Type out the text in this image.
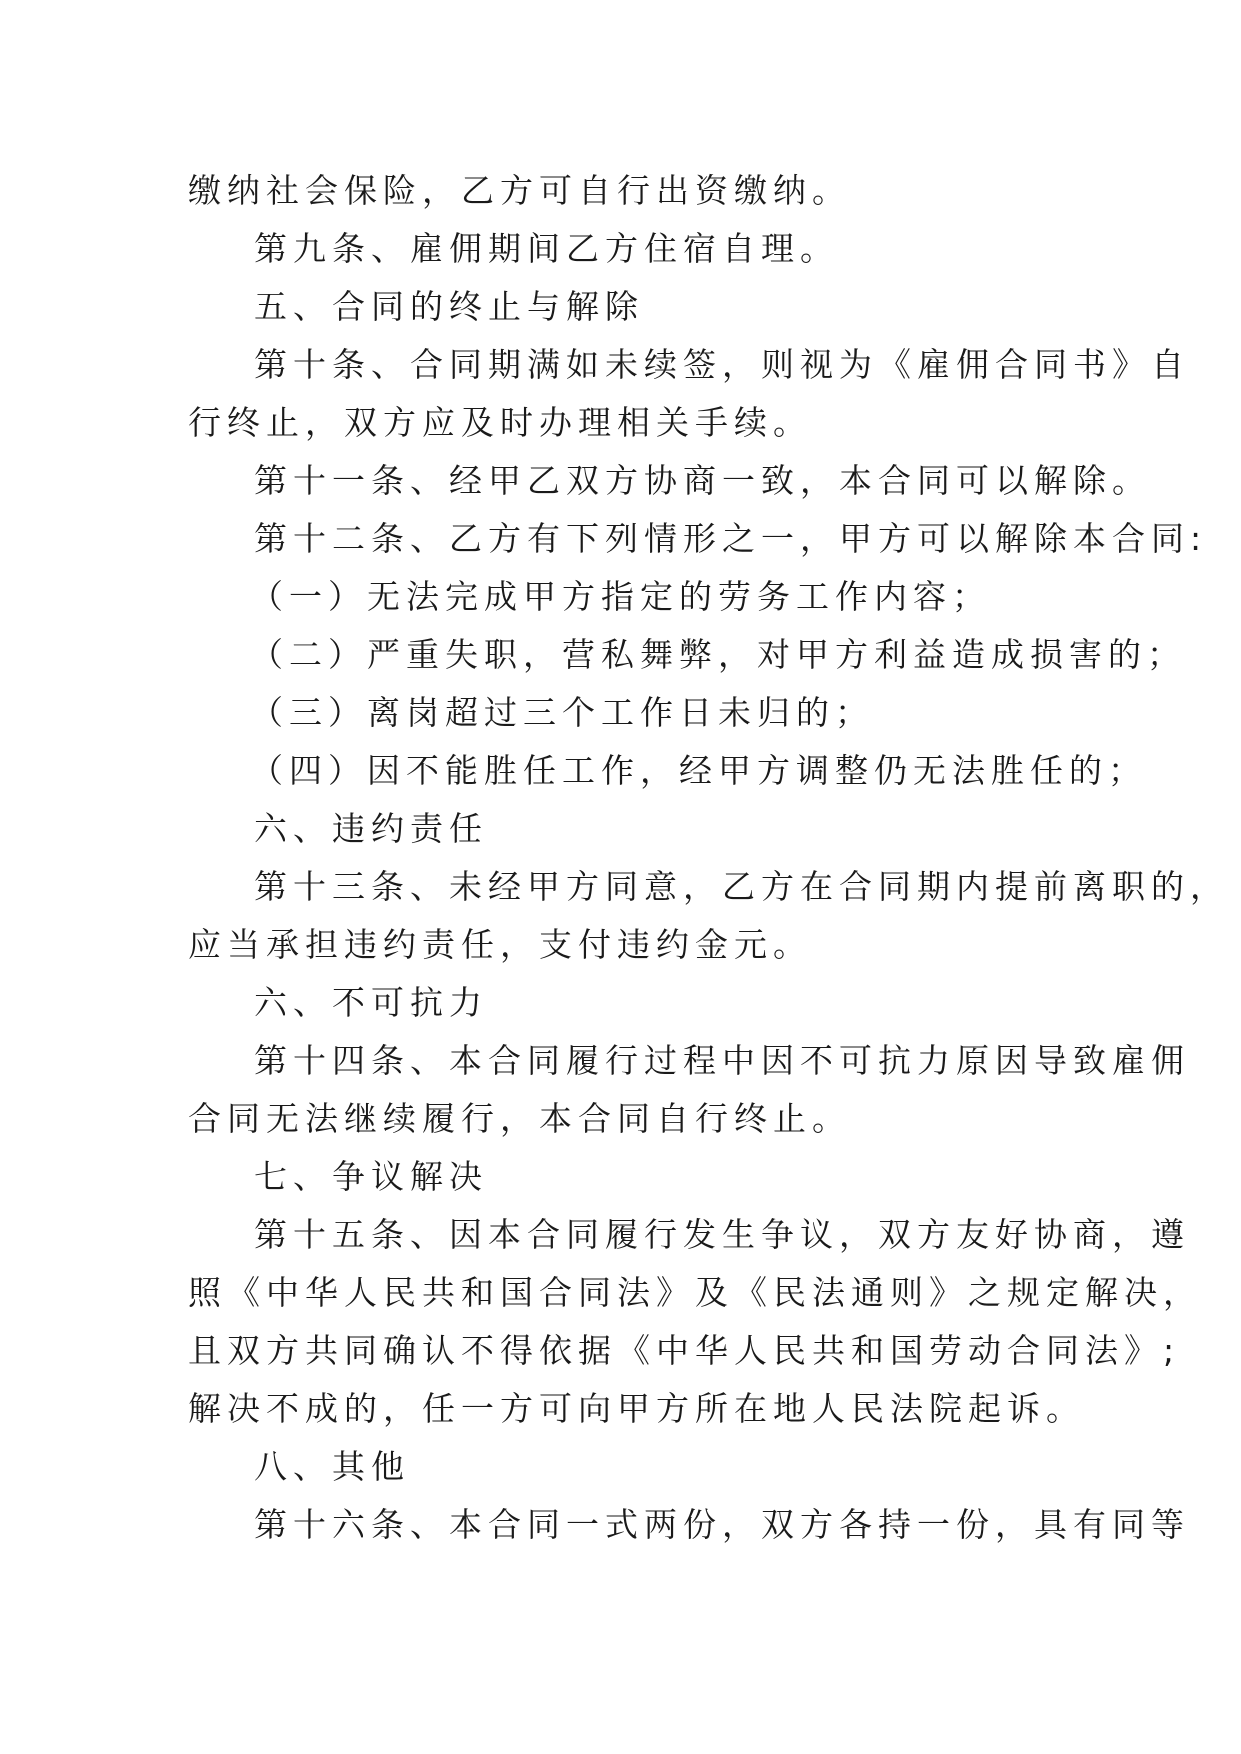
缴纳社会保险，乙方可自行出资缴纳。
第九条、雇佣期间乙方住宿自理。
五、合同的终止与解除
第十条、合同期满如未续签，则视为《雇佣合同书》自
行终止，双方应及时办理相关手续。
第十一条、经甲乙双方协商一致，本合同可以解除。
第十二条、乙方有下列情形之一，甲方可以解除本合同:
（一）无法完成甲方指定的劳务工作内容；
（二）严重失职，营私舞弊，对甲方利益造成损害的；
（三）离岗超过三个工作日未归的；
（四）因不能胜任工作，经甲方调整仍无法胜任的；
六、违约责任
第十三条、未经甲方同意，乙方在合同期内提前离职的，
应当承担违约责任，支付违约金元。
六、不可抗力
第十四条、本合同履行过程中因不可抗力原因导致雇佣
合同无法继续履行，本合同自行终止。
七、争议解决
第十五条、因本合同履行发生争议，双方友好协商，遵
照《中华人民共和国合同法》及《民法通则》之规定解决，
且双方共同确认不得依据《中华人民共和国劳动合同法》;
解决不成的，任一方可向甲方所在地人民法院起诉。
八、其他
第十六条、本合同一式两份，双方各持一份，具有同等
